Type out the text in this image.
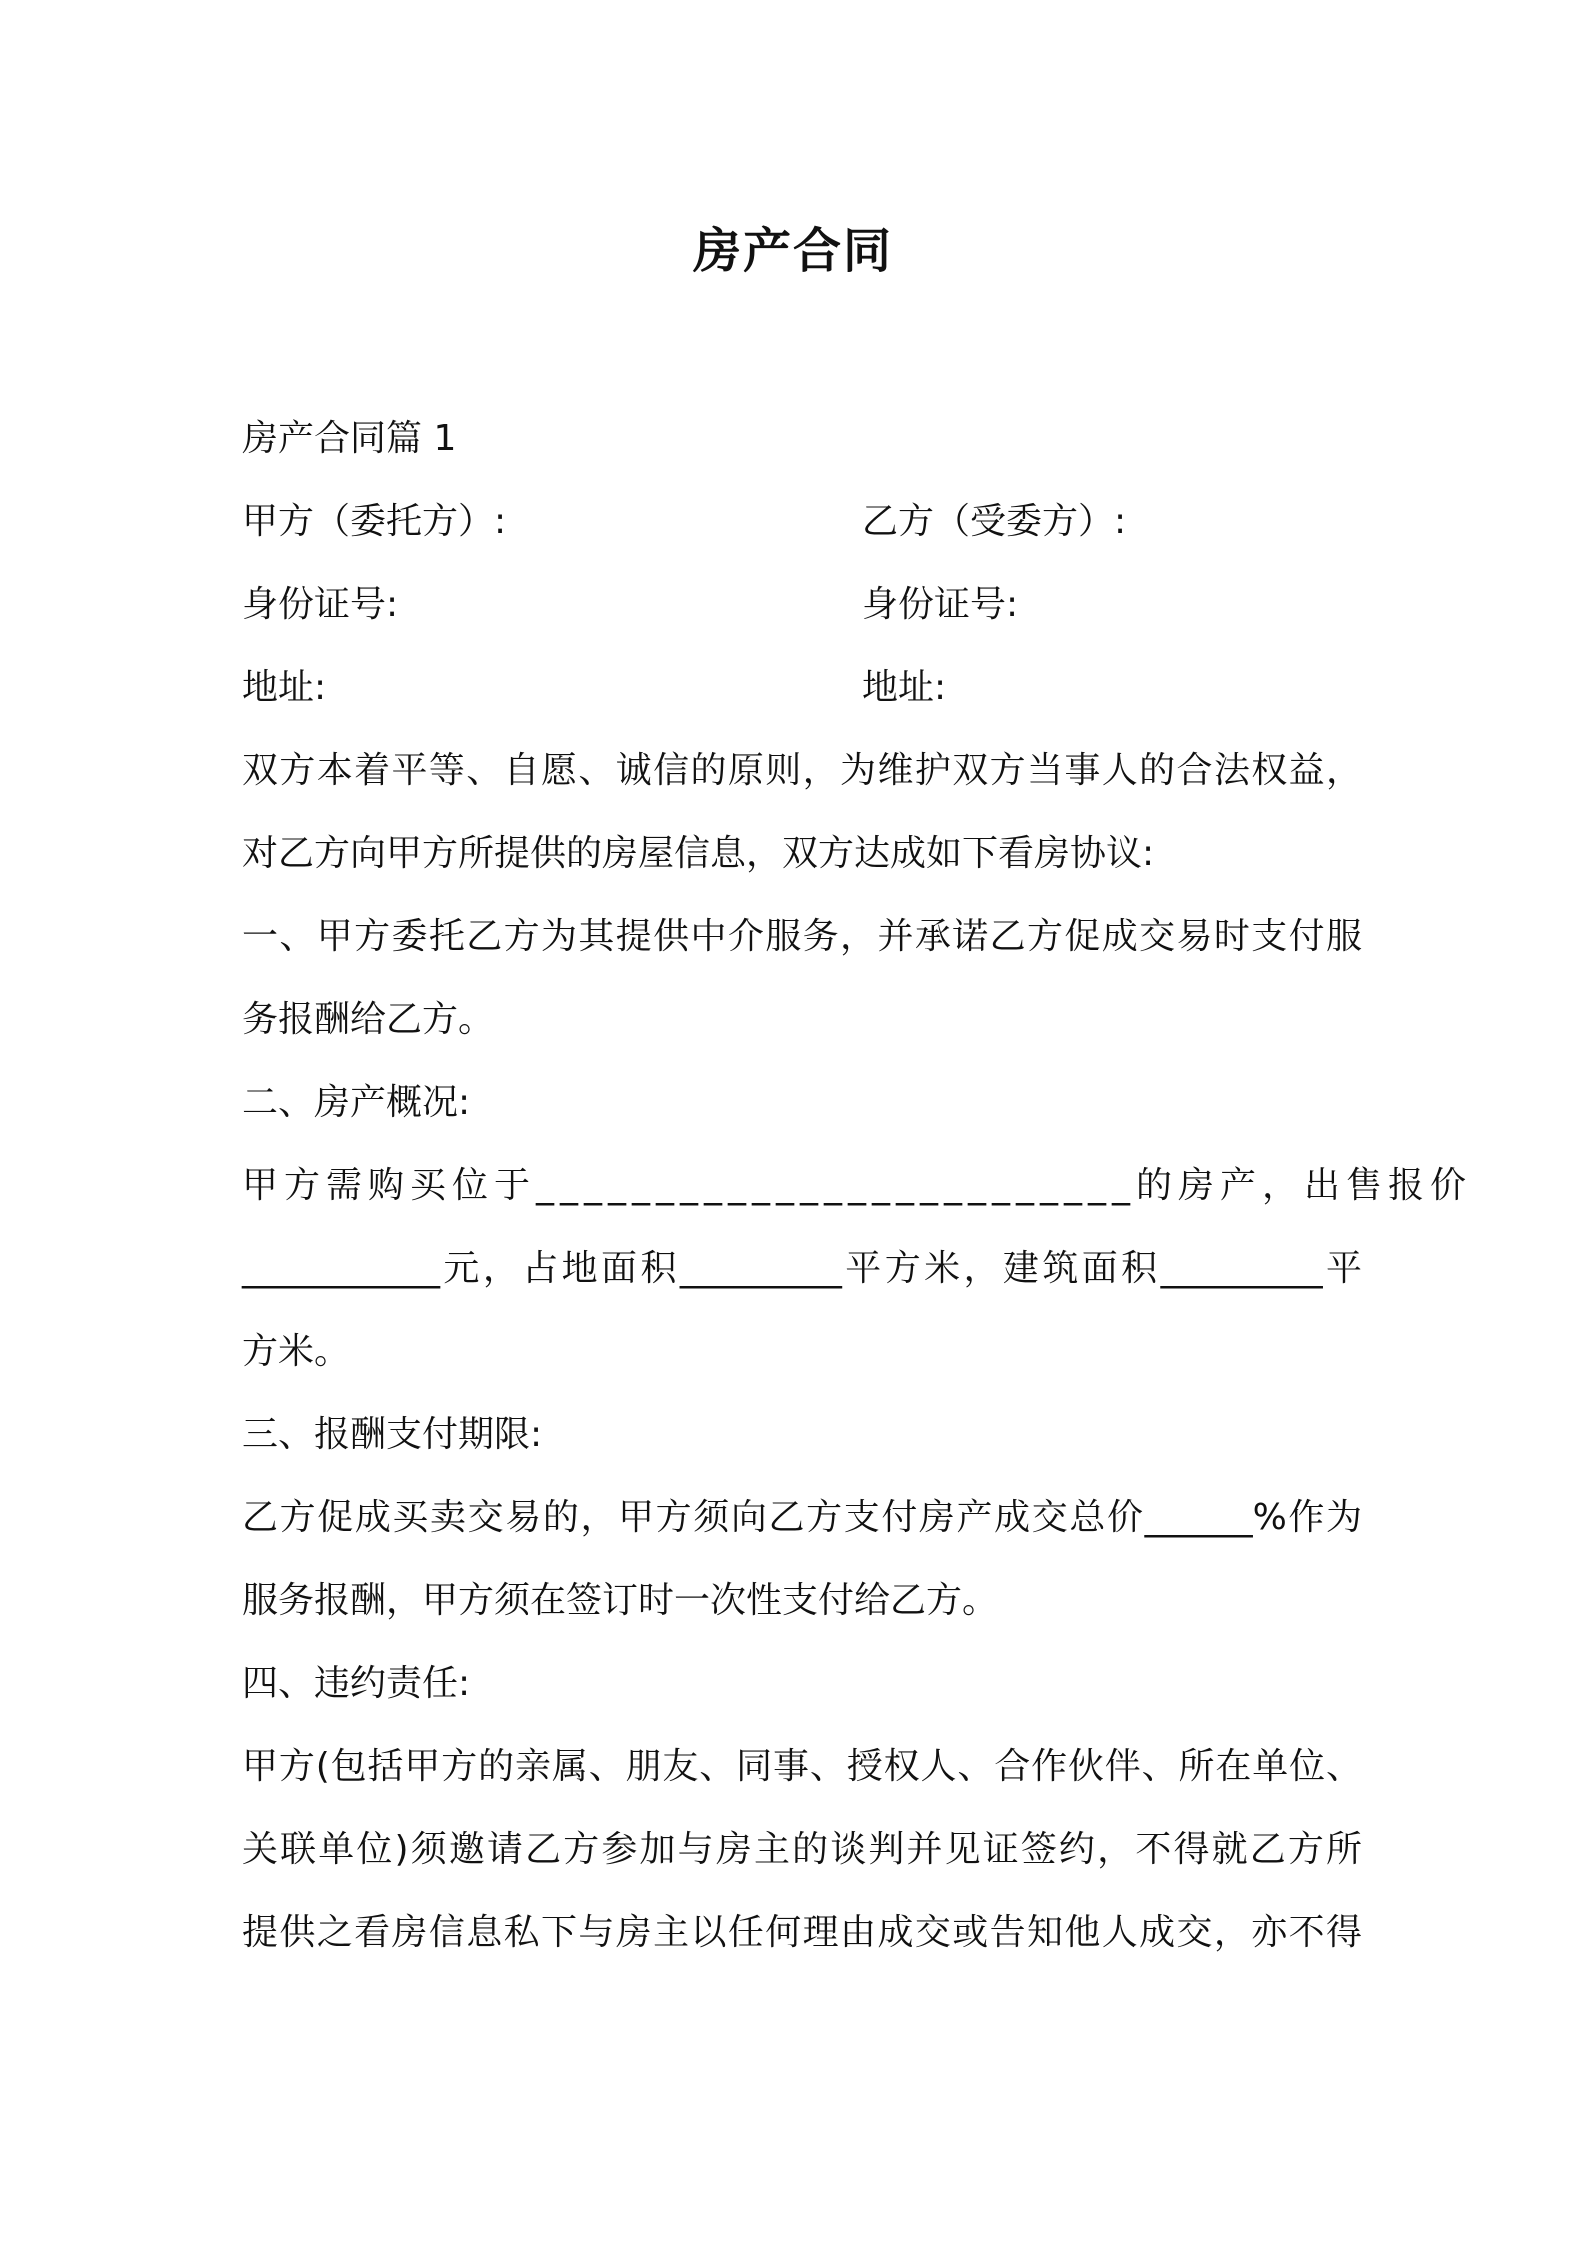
房产合同
房产合同篇 1
甲方（委托方）:	乙方（受委方）:
身份证号:	身份证号:
地址:	地址:
双方本着平等、自愿、诚信的原则，为维护双方当事人的合法权益，
对乙方向甲方所提供的房屋信息，双方达成如下看房协议:
一、甲方委托乙方为其提供中介服务，并承诺乙方促成交易时支付服
务报酬给乙方。
二、房产概况:
甲方需购买位于_________________________的房产，出售报价
___________元，占地面积_________平方米，建筑面积_________平
方米。
三、报酬支付期限:
乙方促成买卖交易的，甲方须向乙方支付房产成交总价______%作为
服务报酬，甲方须在签订时一次性支付给乙方。
四、违约责任:
甲方(包括甲方的亲属、朋友、同事、授权人、合作伙伴、所在单位、
关联单位)须邀请乙方参加与房主的谈判并见证签约，不得就乙方所
提供之看房信息私下与房主以任何理由成交或告知他人成交，亦不得
